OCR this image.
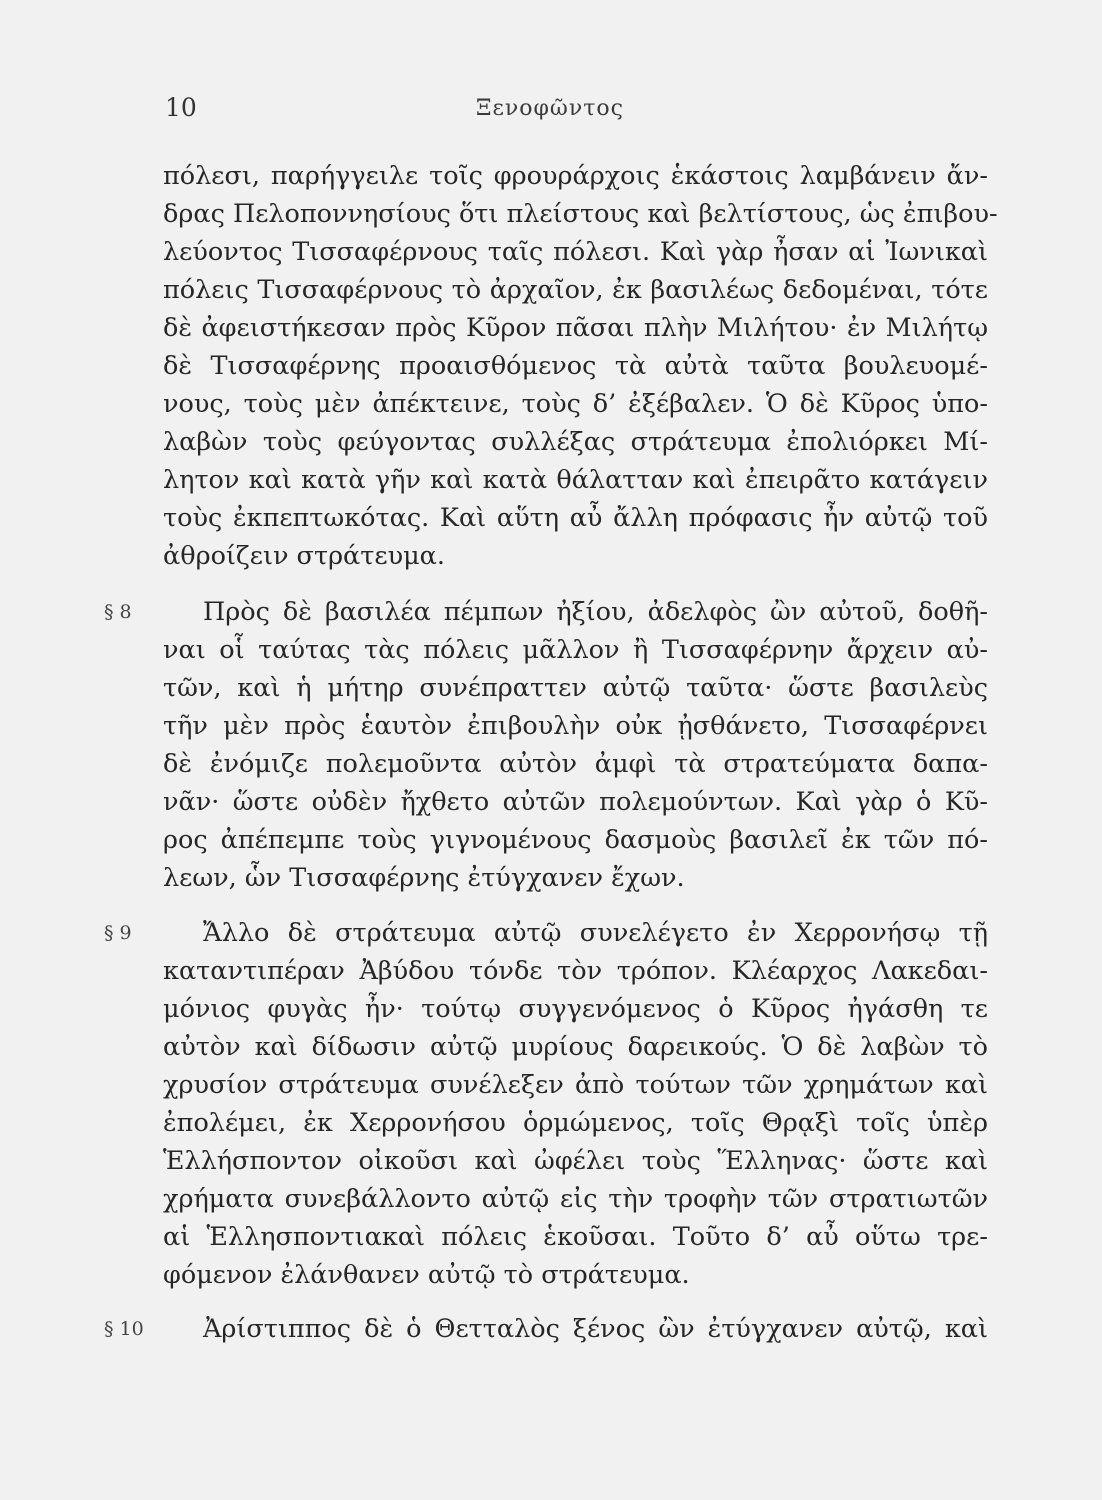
10	Ξενοφῶντος
πόλεσι, παρήγγειλε τοῖς φρουράρχοις ἑκάστοις λαμβάνειν ἄν-
δρας Πελοποννησίους ὅτι πλείστους καὶ βελτίστους, ὡς ἐπιβου-
λεύοντος Τισσαφέρνους ταῖς πόλεσι. Καὶ γὰρ ἦσαν αἱ Ἰωνικαὶ
πόλεις Τισσαφέρνους τὸ ἀρχαῖον, ἐκ βασιλέως δεδομέναι, τότε
δὲ ἀφειστήκεσαν πρὸς Κῦρον πᾶσαι πλὴν Μιλήτου· ἐν Μιλήτῳ
δὲ Τισσαφέρνης προαισθόμενος τὰ αὐτὰ ταῦτα βουλευομέ-
νους, τοὺς μὲν ἀπέκτεινε, τοὺς δ’ ἐξέβαλεν. Ὁ δὲ Κῦρος ὑπο-
λαβὼν τοὺς φεύγοντας συλλέξας στράτευμα ἐπολιόρκει Μί-
λητον καὶ κατὰ γῆν καὶ κατὰ θάλατταν καὶ ἐπειρᾶτο κατάγειν
τοὺς ἐκπεπτωκότας. Καὶ αὕτη αὖ ἄλλη πρόφασις ἦν αὐτῷ τοῦ
ἀθροίζειν στράτευμα.
§ 8	Πρὸς δὲ βασιλέα πέμπων ἠξίου, ἀδελφὸς ὢν αὐτοῦ, δοθῆ-
ναι οἷ ταύτας τὰς πόλεις μᾶλλον ἢ Τισσαφέρνην ἄρχειν αὐ-
τῶν, καὶ ἡ μήτηρ συνέπραττεν αὐτῷ ταῦτα· ὥστε βασιλεὺς
τῆν μὲν πρὸς ἑαυτὸν ἐπιβουλὴν οὐκ ᾐσθάνετο, Τισσαφέρνει
δὲ ἐνόμιζε πολεμοῦντα αὐτὸν ἀμφὶ τὰ στρατεύματα δαπα-
νᾶν· ὥστε οὐδὲν ἤχθετο αὐτῶν πολεμούντων. Καὶ γὰρ ὁ Κῦ-
ρος ἀπέπεμπε τοὺς γιγνομένους δασμοὺς βασιλεῖ ἐκ τῶν πό-
λεων, ὧν Τισσαφέρνης ἐτύγχανεν ἔχων.
§ 9	Ἄλλο δὲ στράτευμα αὐτῷ συνελέγετο ἐν Χερρονήσῳ τῇ
καταντιπέραν Ἀβύδου τόνδε τὸν τρόπον. Κλέαρχος Λακεδαι-
μόνιος φυγὰς ἦν· τούτῳ συγγενόμενος ὁ Κῦρος ἠγάσθη τε
αὐτὸν καὶ δίδωσιν αὐτῷ μυρίους δαρεικούς. Ὁ δὲ λαβὼν τὸ
χρυσίον στράτευμα συνέλεξεν ἀπὸ τούτων τῶν χρημάτων καὶ
ἐπολέμει, ἐκ Χερρονήσου ὁρμώμενος, τοῖς Θρᾳξὶ τοῖς ὑπὲρ
Ἑλλήσποντον οἰκοῦσι καὶ ὠφέλει τοὺς Ἕλληνας· ὥστε καὶ
χρήματα συνεβάλλοντο αὐτῷ εἰς τὴν τροφὴν τῶν στρατιωτῶν
αἱ Ἑλλησποντιακαὶ πόλεις ἑκοῦσαι. Τοῦτο δ’ αὖ οὕτω τρε-
φόμενον ἐλάνθανεν αὐτῷ τὸ στράτευμα.
§ 10	Ἀρίστιππος δὲ ὁ Θετταλὸς ξένος ὢν ἐτύγχανεν αὐτῷ, καὶ
